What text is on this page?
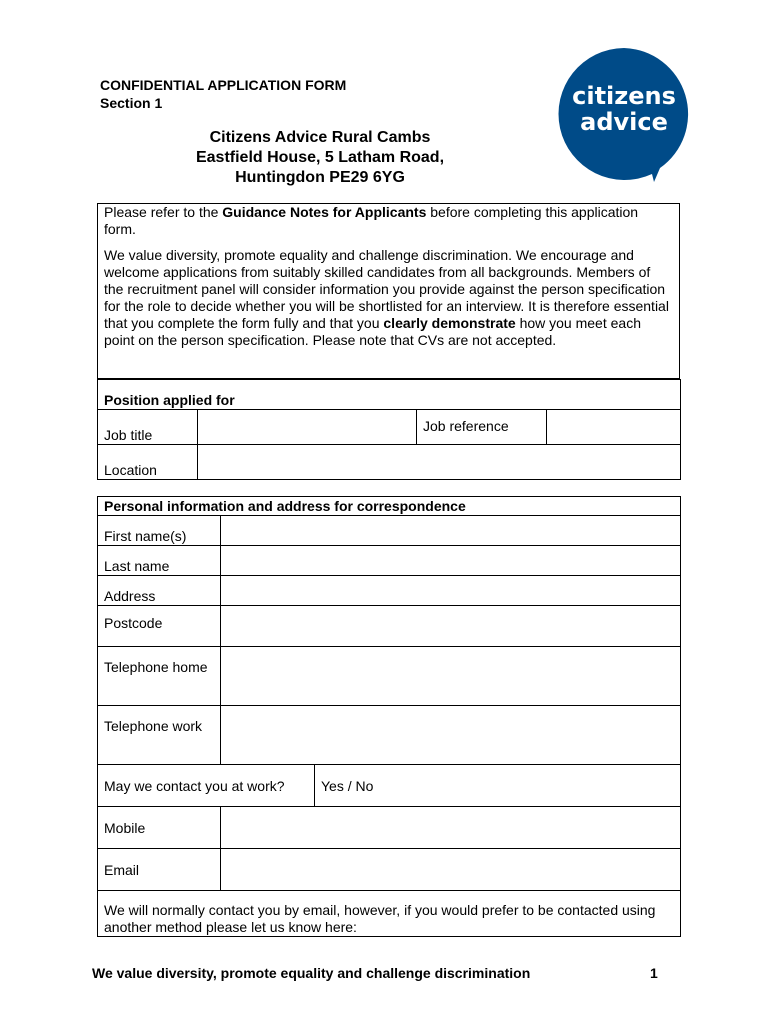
CONFIDENTIAL APPLICATION FORM
Section 1
Citizens Advice Rural Cambs
Eastfield House, 5 Latham Road,
Huntingdon PE29 6YG
citizens
advice

Please refer to the Guidance Notes for Applicants before completing this application form.

We value diversity, promote equality and challenge discrimination. We encourage and welcome applications from suitably skilled candidates from all backgrounds. Members of the recruitment panel will consider information you provide against the person specification for the role to decide whether you will be shortlisted for an interview. It is therefore essential that you complete the form fully and that you clearly demonstrate how you meet each point on the person specification. Please note that CVs are not accepted.

Position applied for			
Job title		Job reference	
Location			
Personal information and address for correspondence		
First name(s)		
Last name		
Address		
Postcode		
Telephone home		
Telephone work		
May we contact you at work?		Yes / No
Mobile		
Email		
We will normally contact you by email, however, if you would prefer to be contacted using another method please let us know here:		
We value diversity, promote equality and challenge discrimination	1
